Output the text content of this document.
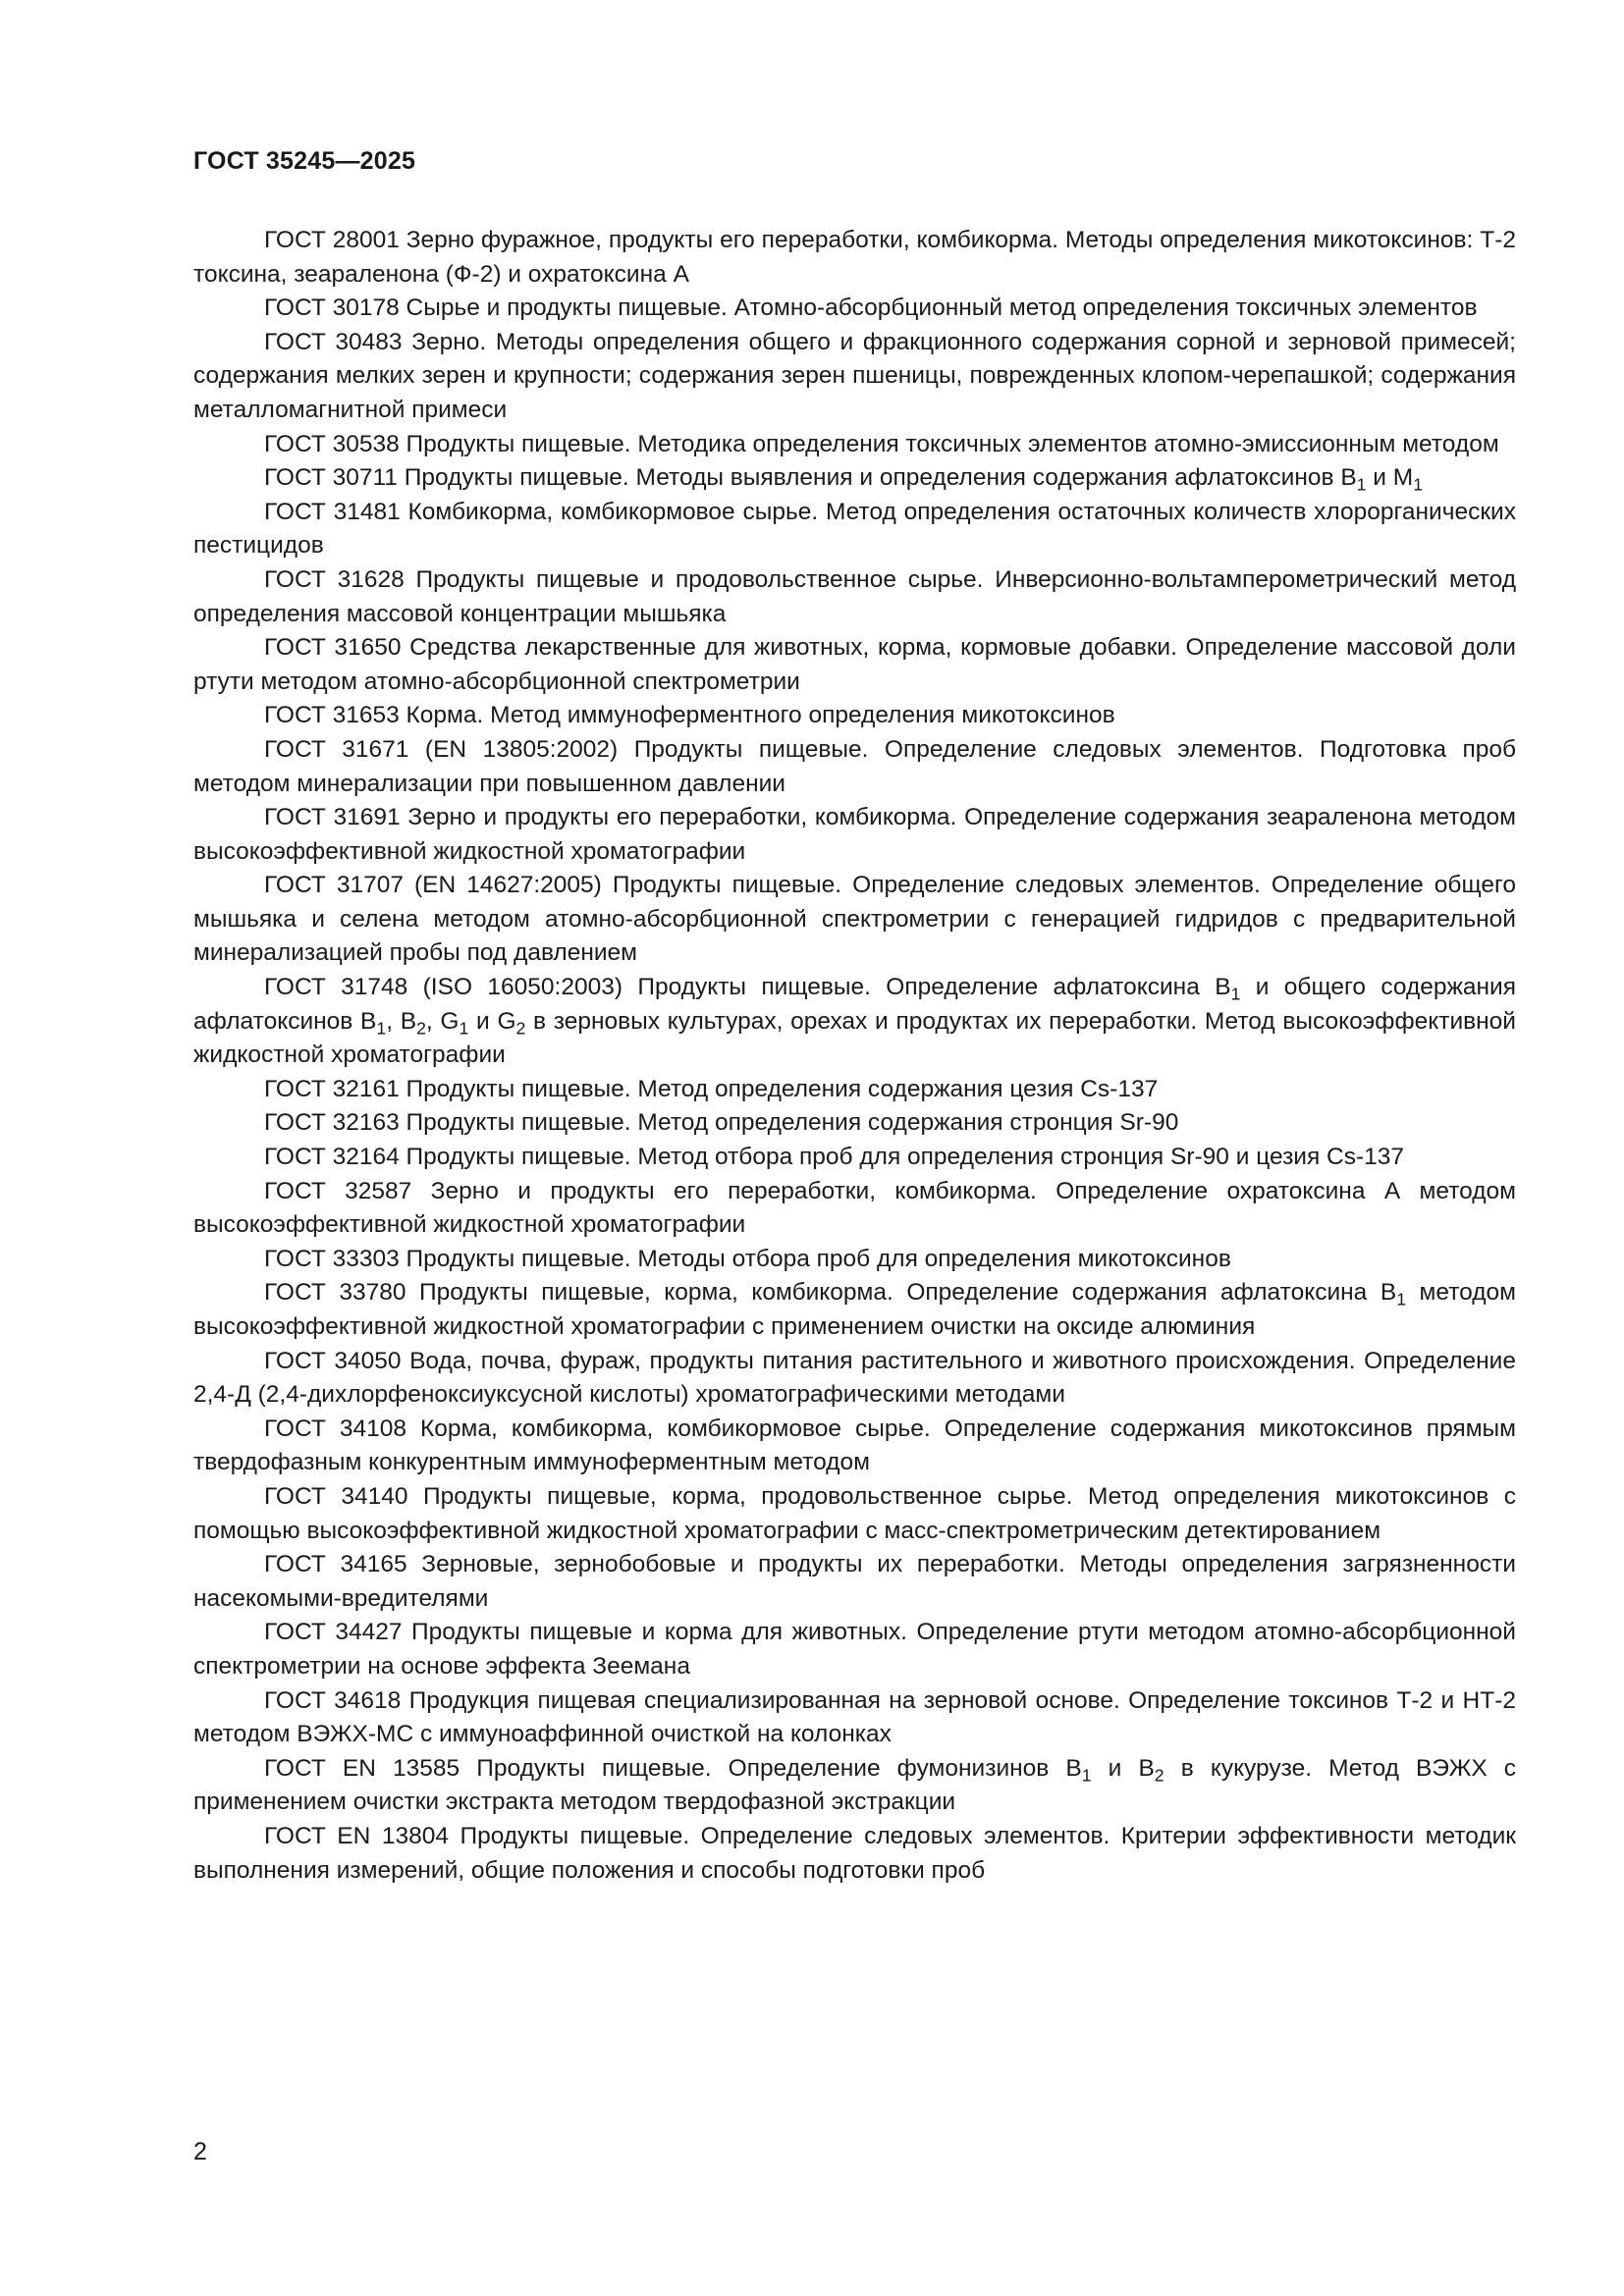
ГОСТ 35245—2025

ГОСТ 28001 Зерно фуражное, продукты его переработки, комбикорма. Методы определения микотоксинов: Т-2 токсина, зеараленона (Ф-2) и охратоксина А

ГОСТ 30178 Сырье и продукты пищевые. Атомно-абсорбционный метод определения токсичных элементов

ГОСТ 30483 Зерно. Методы определения общего и фракционного содержания сорной и зерновой примесей; содержания мелких зерен и крупности; содержания зерен пшеницы, поврежденных клопом-черепашкой; содержания металломагнитной примеси

ГОСТ 30538 Продукты пищевые. Методика определения токсичных элементов атомно-эмиссионным методом

ГОСТ 30711 Продукты пищевые. Методы выявления и определения содержания афлатоксинов $В_1$ и $М_1$

ГОСТ 31481 Комбикорма, комбикормовое сырье. Метод определения остаточных количеств хлорорганических пестицидов

ГОСТ 31628 Продукты пищевые и продовольственное сырье. Инверсионно-вольтамперометрический метод определения массовой концентрации мышьяка

ГОСТ 31650 Средства лекарственные для животных, корма, кормовые добавки. Определение массовой доли ртути методом атомно-абсорбционной спектрометрии

ГОСТ 31653 Корма. Метод иммуноферментного определения микотоксинов

ГОСТ 31671 (EN 13805:2002) Продукты пищевые. Определение следовых элементов. Подготовка проб методом минерализации при повышенном давлении

ГОСТ 31691 Зерно и продукты его переработки, комбикорма. Определение содержания зеараленона методом высокоэффективной жидкостной хроматографии

ГОСТ 31707 (EN 14627:2005) Продукты пищевые. Определение следовых элементов. Определение общего мышьяка и селена методом атомно-абсорбционной спектрометрии с генерацией гидридов с предварительной минерализацией пробы под давлением

ГОСТ 31748 (ISO 16050:2003) Продукты пищевые. Определение афлатоксина $В_1$ и общего содержания афлатоксинов $В_1$, $В_2$, $G_1$ и $G_2$ в зерновых культурах, орехах и продуктах их переработки. Метод высокоэффективной жидкостной хроматографии

ГОСТ 32161 Продукты пищевые. Метод определения содержания цезия Cs-137

ГОСТ 32163 Продукты пищевые. Метод определения содержания стронция Sr-90

ГОСТ 32164 Продукты пищевые. Метод отбора проб для определения стронция Sr-90 и цезия Cs-137

ГОСТ 32587 Зерно и продукты его переработки, комбикорма. Определение охратоксина А методом высокоэффективной жидкостной хроматографии

ГОСТ 33303 Продукты пищевые. Методы отбора проб для определения микотоксинов

ГОСТ 33780 Продукты пищевые, корма, комбикорма. Определение содержания афлатоксина $В_1$ методом высокоэффективной жидкостной хроматографии с применением очистки на оксиде алюминия

ГОСТ 34050 Вода, почва, фураж, продукты питания растительного и животного происхождения. Определение 2,4-Д (2,4-дихлорфеноксиуксусной кислоты) хроматографическими методами

ГОСТ 34108 Корма, комбикорма, комбикормовое сырье. Определение содержания микотоксинов прямым твердофазным конкурентным иммуноферментным методом

ГОСТ 34140 Продукты пищевые, корма, продовольственное сырье. Метод определения микотоксинов с помощью высокоэффективной жидкостной хроматографии с масс-спектрометрическим детектированием

ГОСТ 34165 Зерновые, зернобобовые и продукты их переработки. Методы определения загрязненности насекомыми-вредителями

ГОСТ 34427 Продукты пищевые и корма для животных. Определение ртути методом атомно-абсорбционной спектрометрии на основе эффекта Зеемана

ГОСТ 34618 Продукция пищевая специализированная на зерновой основе. Определение токсинов Т-2 и НТ-2 методом ВЭЖХ-МС с иммуноаффинной очисткой на колонках

ГОСТ EN 13585 Продукты пищевые. Определение фумонизинов $В_1$ и $В_2$ в кукурузе. Метод ВЭЖХ с применением очистки экстракта методом твердофазной экстракции

ГОСТ EN 13804 Продукты пищевые. Определение следовых элементов. Критерии эффективности методик выполнения измерений, общие положения и способы подготовки проб

2
